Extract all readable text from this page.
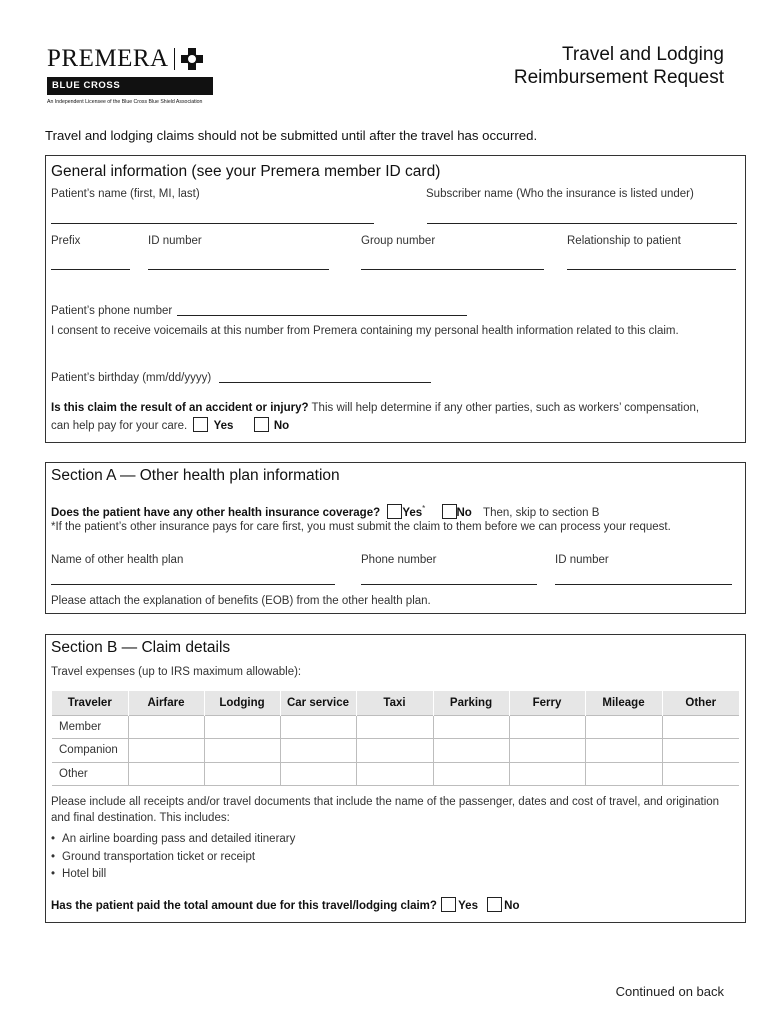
PREMERA
BLUE CROSS
An Independent Licensee of the Blue Cross Blue Shield Association
Travel and Lodging
Reimbursement Request
Travel and lodging claims should not be submitted until after the travel has occurred.
General information (see your Premera member ID card)
Patient’s name (first, MI, last)	Subscriber name (Who the insurance is listed under)
Prefix	ID number	Group number	Relationship to patient
Patient’s phone number
I consent to receive voicemails at this number from Premera containing my personal health information related to this claim.
Patient’s birthday (mm/dd/yyyy)
Is this claim the result of an accident or injury? This will help determine if any other parties, such as workers’ compensation,
can help pay for your care. Yes	No
Section A — Other health plan information
Does the patient have any other health insurance coverage? Yes*	No Then, skip to section B
*If the patient’s other insurance pays for care first, you must submit the claim to them before we can process your request.
Name of other health plan	Phone number	ID number
Please attach the explanation of benefits (EOB) from the other health plan.
Section B — Claim details
Travel expenses (up to IRS maximum allowable):
Traveler	Airfare	Lodging	Car service	Taxi	Parking	Ferry	Mileage	Other
Member								
Companion								
Other								
Please include all receipts and/or travel documents that include the name of the passenger, dates and cost of travel, and origination
and final destination. This includes:
• An airline boarding pass and detailed itinerary
• Ground transportation ticket or receipt
• Hotel bill
Has the patient paid the total amount due for this travel/lodging claim? Yes No
Continued on back
